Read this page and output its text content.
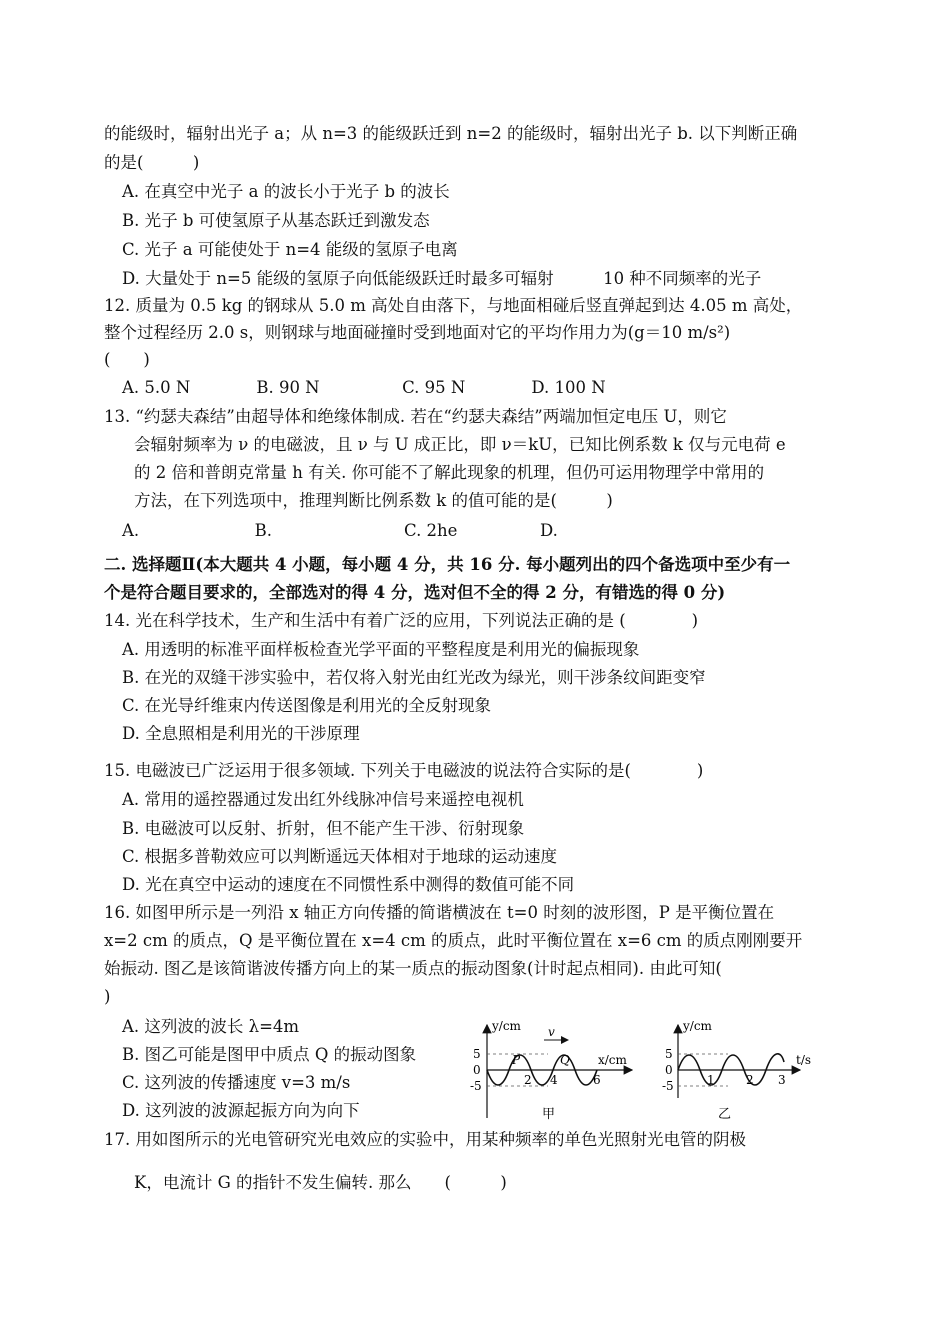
的能级时，辐射出光子 a；从 n=3 的能级跃迁到 n=2 的能级时，辐射出光子 b. 以下判断正确
的是(　　　)
A. 在真空中光子 a 的波长小于光子 b 的波长
B. 光子 b 可使氢原子从基态跃迁到激发态
C. 光子 a 可能使处于 n=4 能级的氢原子电离
D. 大量处于 n=5 能级的氢原子向低能级跃迁时最多可辐射　　　10 种不同频率的光子
12. 质量为 0.5 kg 的钢球从 5.0 m 高处自由落下，与地面相碰后竖直弹起到达 4.05 m 高处，
整个过程经历 2.0 s，则钢球与地面碰撞时受到地面对它的平均作用力为(g＝10 m/s²)
(　　)
A. 5.0 N　　　　B. 90 N　　　　　C. 95 N　　　　D. 100 N
13. “约瑟夫森结”由超导体和绝缘体制成. 若在“约瑟夫森结”两端加恒定电压 U，则它
会辐射频率为 ν 的电磁波，且 ν 与 U 成正比，即 ν＝kU，已知比例系数 k 仅与元电荷 e
的 2 倍和普朗克常量 h 有关. 你可能不了解此现象的机理，但仍可运用物理学中常用的
方法，在下列选项中，推理判断比例系数 k 的值可能的是(　　　)
A.　　　　　　　B.　　　　　　　　C. 2he　　　　　D.
二. 选择题Ⅱ(本大题共 4 小题，每小题 4 分，共 16 分. 每小题列出的四个备选项中至少有一
个是符合题目要求的，全部选对的得 4 分，选对但不全的得 2 分，有错选的得 0 分)
14. 光在科学技术，生产和生活中有着广泛的应用，下列说法正确的是 (　　　　)
A. 用透明的标准平面样板检查光学平面的平整程度是利用光的偏振现象
B. 在光的双缝干涉实验中，若仅将入射光由红光改为绿光，则干涉条纹间距变窄
C. 在光导纤维束内传送图像是利用光的全反射现象
D. 全息照相是利用光的干涉原理
15. 电磁波已广泛运用于很多领域. 下列关于电磁波的说法符合实际的是(　　　　)
A. 常用的遥控器通过发出红外线脉冲信号来遥控电视机
B. 电磁波可以反射、折射，但不能产生干涉、衍射现象
C. 根据多普勒效应可以判断遥远天体相对于地球的运动速度
D. 光在真空中运动的速度在不同惯性系中测得的数值可能不同
16. 如图甲所示是一列沿 x 轴正方向传播的简谐横波在 t=0 时刻的波形图，P 是平衡位置在
x=2 cm 的质点，Q 是平衡位置在 x=4 cm 的质点，此时平衡位置在 x=6 cm 的质点刚刚要开
始振动. 图乙是该简谐波传播方向上的某一质点的振动图象(计时起点相同). 由此可知(
)
A. 这列波的波长 λ=4m
B. 图乙可能是图甲中质点 Q 的振动图象
C. 这列波的传播速度 v=3 m/s
D. 这列波的波源起振方向为向下
17. 用如图所示的光电管研究光电效应的实验中，用某种频率的单色光照射光电管的阴极
K，电流计 G 的指针不发生偏转. 那么　　(　　　)
y/cm v
x/cm
5
0
-5
P	Q
2 4	6
甲
y/cm
t/s
5
0
-5	1	2 3
乙
